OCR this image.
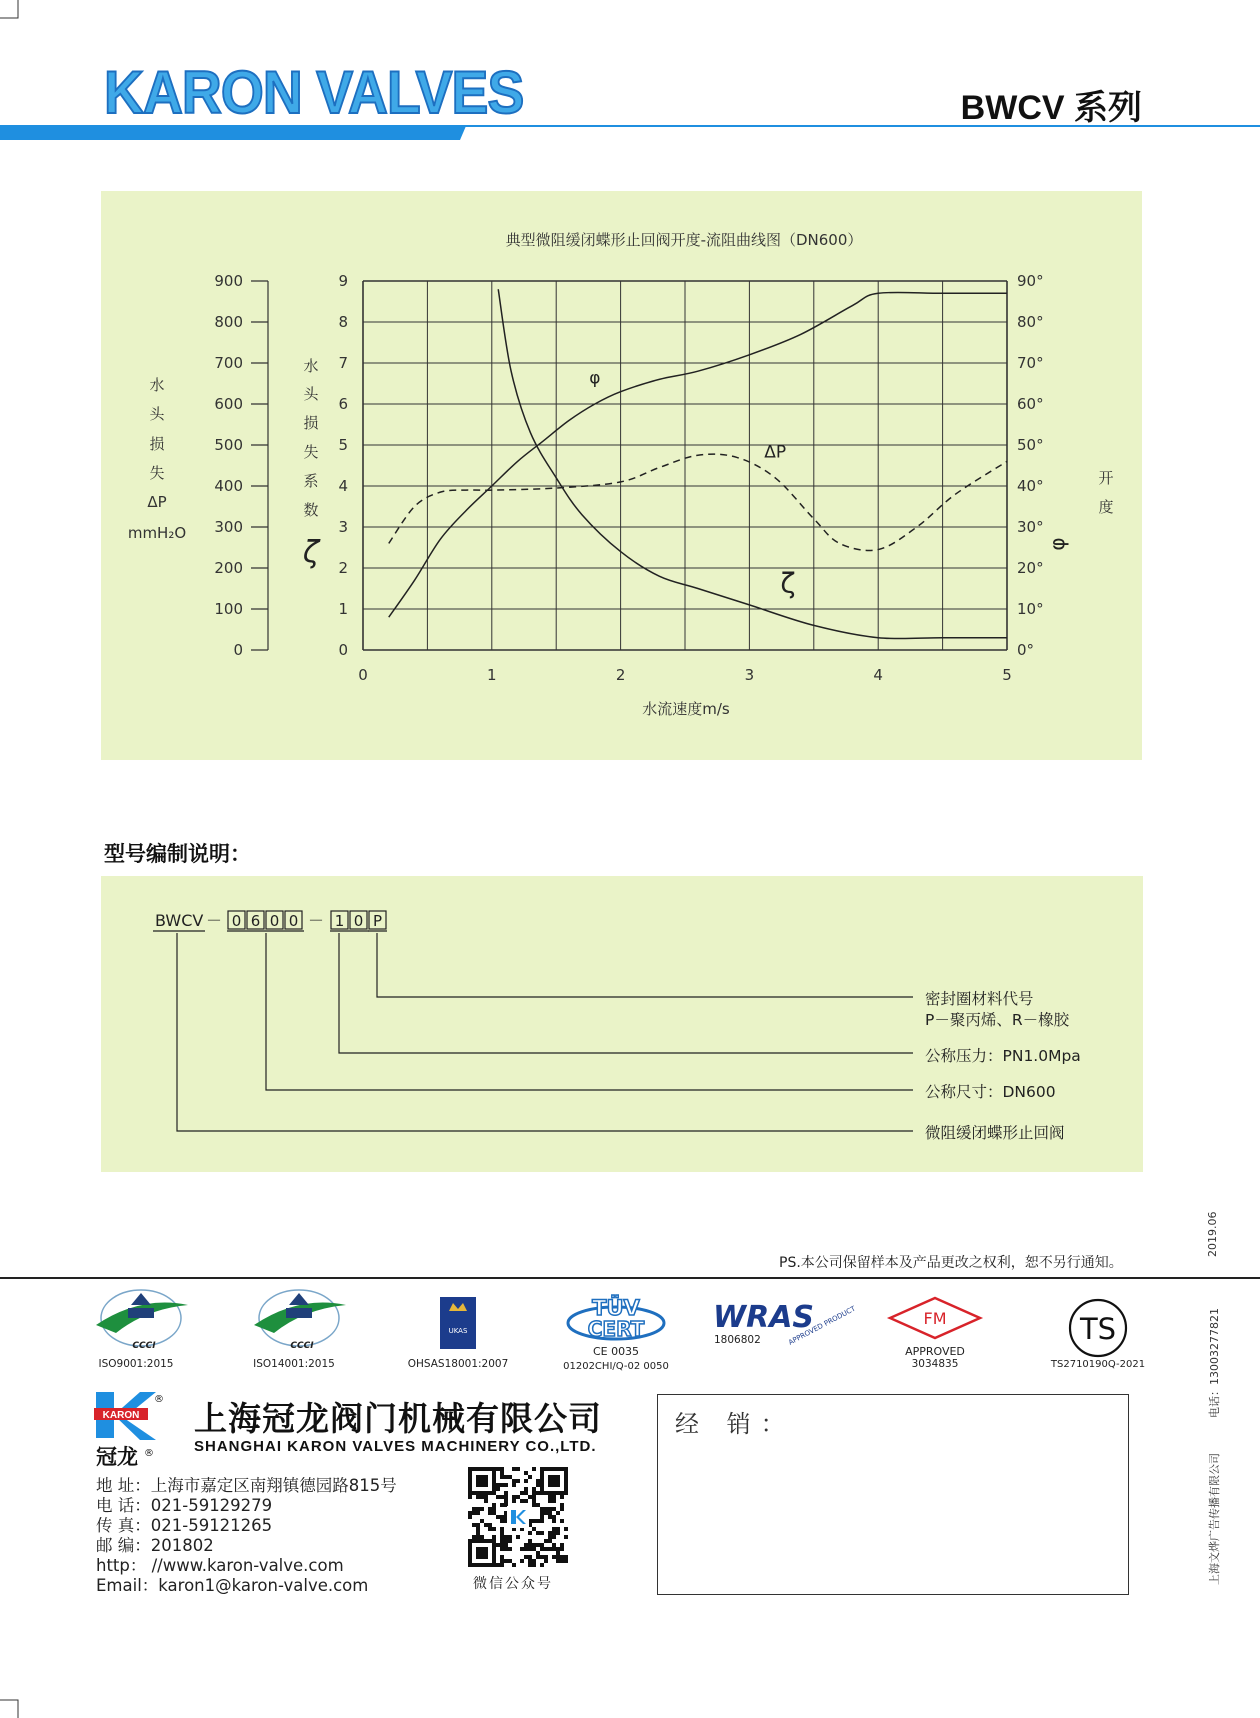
KARON VALVES	BWCV 系列
典型微阻缓闭蝶形止回阀开度-流阻曲线图（DN600）
0	1	2	3	4	5
水流速度m/s
0
100
200
300
400
500
600
700
800
900
水
头
损
失
ΔP
mmH₂O
0
1
2
3
4
5
6
7
8
9
水
头
损
失
系
数
ζ
0°
10°
20°
30°
40°
50°
60°
70°
80°
90°
开
度
φ
φ
ΔP
ζ
型号编制说明：
BWCV － 0 6 0 0 － 1 0 P
密封圈材料代号
P－聚丙烯、R－橡胶
公称压力：PN1.0Mpa
公称尺寸：DN600
微阻缓闭蝶形止回阀
PS.本公司保留样本及产品更改之权利，恕不另行通知。
CCCI
ISO9001:2015
CCCI
ISO14001:2015
UKAS
OHSAS18001:2007
TÜV
CERT
CE 0035
01202CHI/Q-02 0050
WRAS
APPROVED PRODUCT
1806802
FM
APPROVED
3034835
TS
TS2710190Q-2021
KARON
®
冠龙 ®
上海冠龙阀门机械有限公司
SHANGHAI KARON VALVES MACHINERY CO.,LTD.
地 址：上海市嘉定区南翔镇德园路815号
电 话：021-59129279
传 真：021-59121265
邮 编：201802
http： //www.karon-valve.com
Email：karon1@karon-valve.com	微信公众号
经 销：
2019.06
电话：13003277821
上海文烨广告传播有限公司
